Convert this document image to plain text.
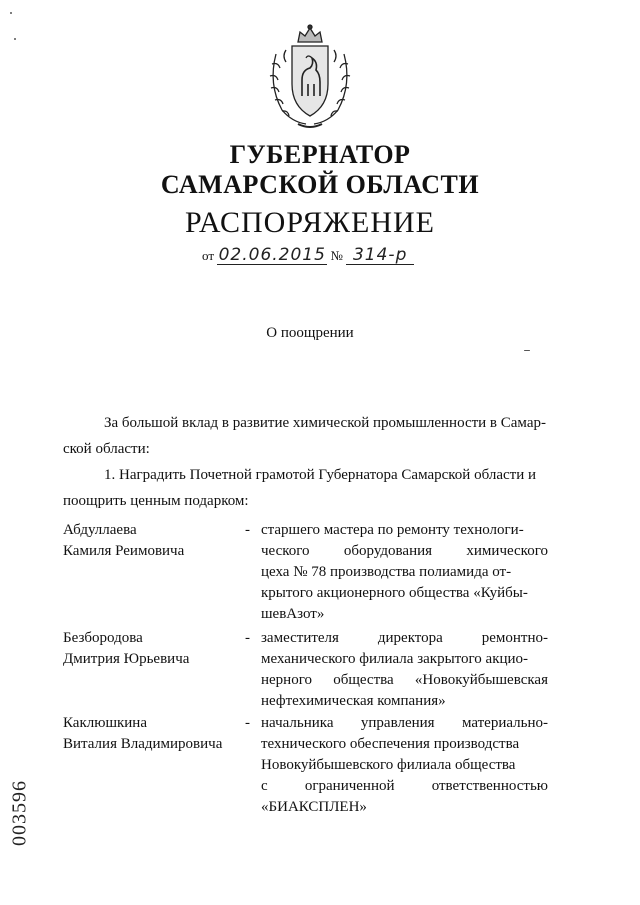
ГУБЕРНАТОР
САМАРСКОЙ ОБЛАСТИ
РАСПОРЯЖЕНИЕ
от 02.06.2015 № 314-р
О поощрении
За большой вклад в развитие химической промышленности в Самар-
ской области:
1. Наградить Почетной грамотой Губернатора Самарской области и
поощрить ценным подарком:
Абдуллаева
Камиля Реимовича
- старшего мастера по ремонту технологи-
ческого оборудования химического
цеха № 78 производства полиамида от-
крытого акционерного общества «Куйбы-
шевАзот»
Безбородова
Дмитрия Юрьевича
- заместителя директора ремонтно-
механического филиала закрытого акцио-
нерного общества «Новокуйбышевская
нефтехимическая компания»
Каклюшкина
Виталия Владимировича
- начальника управления материально-
технического обеспечения производства
Новокуйбышевского филиала общества
с ограниченной ответственностью
«БИАКСПЛЕН»
003596
